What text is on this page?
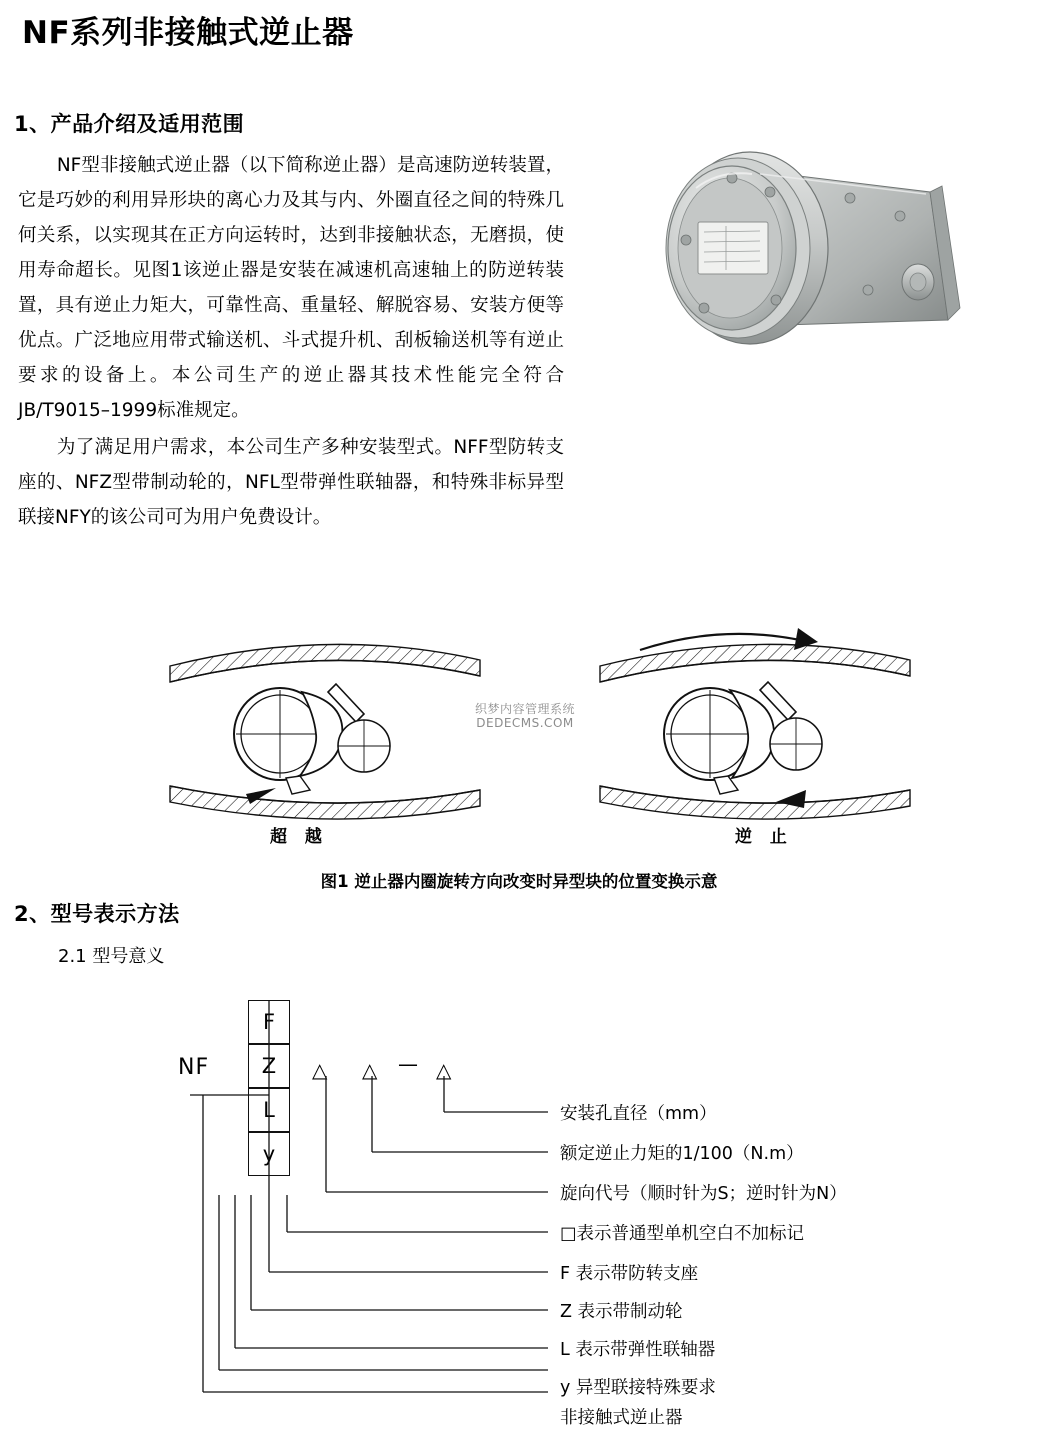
NF系列非接触式逆止器
1、产品介绍及适用范围

NF型非接触式逆止器（以下简称逆止器）是高速防逆转装置，它是巧妙的利用异形块的离心力及其与内、外圈直径之间的特殊几何关系，以实现其在正方向运转时，达到非接触状态，无磨损，使用寿命超长。见图1该逆止器是安装在减速机高速轴上的防逆转装置，具有逆止力矩大，可靠性高、重量轻、解脱容易、安装方便等优点。广泛地应用带式输送机、斗式提升机、刮板输送机等有逆止要求的设备上。本公司生产的逆止器其技术性能完全符合JB/T9015–1999标准规定。

为了满足用户需求，本公司生产多种安装型式。NFF型防转支座的、NFZ型带制动轮的，NFL型带弹性联轴器，和特殊非标异型联接NFY的该公司可为用户免费设计。

织梦内容管理系统
DEDECMS.COM
超 越	逆 止
图1 逆止器内圈旋转方向改变时异型块的位置变换示意
2、型号表示方法
2.1 型号意义
NF
F
Z
L
y
△ △ — △
安装孔直径（mm）
额定逆止力矩的1/100（N.m）
旋向代号（顺时针为S；逆时针为N）
□表示普通型单机空白不加标记
F 表示带防转支座
Z 表示带制动轮
L 表示带弹性联轴器
y 异型联接特殊要求
非接触式逆止器
